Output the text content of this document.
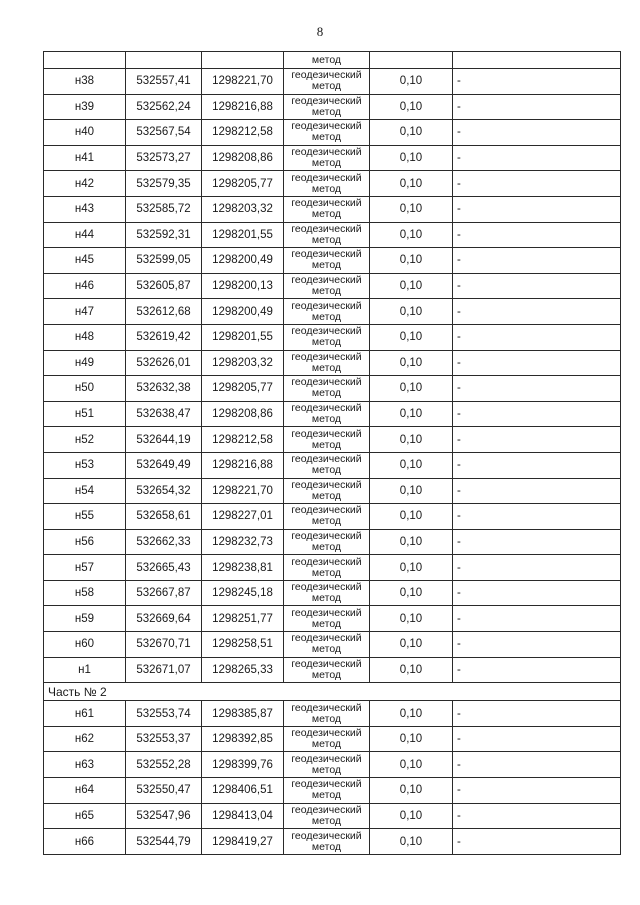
8
			метод		
н38	532557,41	1298221,70	геодезический метод	0,10	-
н39	532562,24	1298216,88	геодезический метод	0,10	-
н40	532567,54	1298212,58	геодезический метод	0,10	-
н41	532573,27	1298208,86	геодезический метод	0,10	-
н42	532579,35	1298205,77	геодезический метод	0,10	-
н43	532585,72	1298203,32	геодезический метод	0,10	-
н44	532592,31	1298201,55	геодезический метод	0,10	-
н45	532599,05	1298200,49	геодезический метод	0,10	-
н46	532605,87	1298200,13	геодезический метод	0,10	-
н47	532612,68	1298200,49	геодезический метод	0,10	-
н48	532619,42	1298201,55	геодезический метод	0,10	-
н49	532626,01	1298203,32	геодезический метод	0,10	-
н50	532632,38	1298205,77	геодезический метод	0,10	-
н51	532638,47	1298208,86	геодезический метод	0,10	-
н52	532644,19	1298212,58	геодезический метод	0,10	-
н53	532649,49	1298216,88	геодезический метод	0,10	-
н54	532654,32	1298221,70	геодезический метод	0,10	-
н55	532658,61	1298227,01	геодезический метод	0,10	-
н56	532662,33	1298232,73	геодезический метод	0,10	-
н57	532665,43	1298238,81	геодезический метод	0,10	-
н58	532667,87	1298245,18	геодезический метод	0,10	-
н59	532669,64	1298251,77	геодезический метод	0,10	-
н60	532670,71	1298258,51	геодезический метод	0,10	-
н1	532671,07	1298265,33	геодезический метод	0,10	-
Часть № 2					
н61	532553,74	1298385,87	геодезический метод	0,10	-
н62	532553,37	1298392,85	геодезический метод	0,10	-
н63	532552,28	1298399,76	геодезический метод	0,10	-
н64	532550,47	1298406,51	геодезический метод	0,10	-
н65	532547,96	1298413,04	геодезический метод	0,10	-
н66	532544,79	1298419,27	геодезический метод	0,10	-
